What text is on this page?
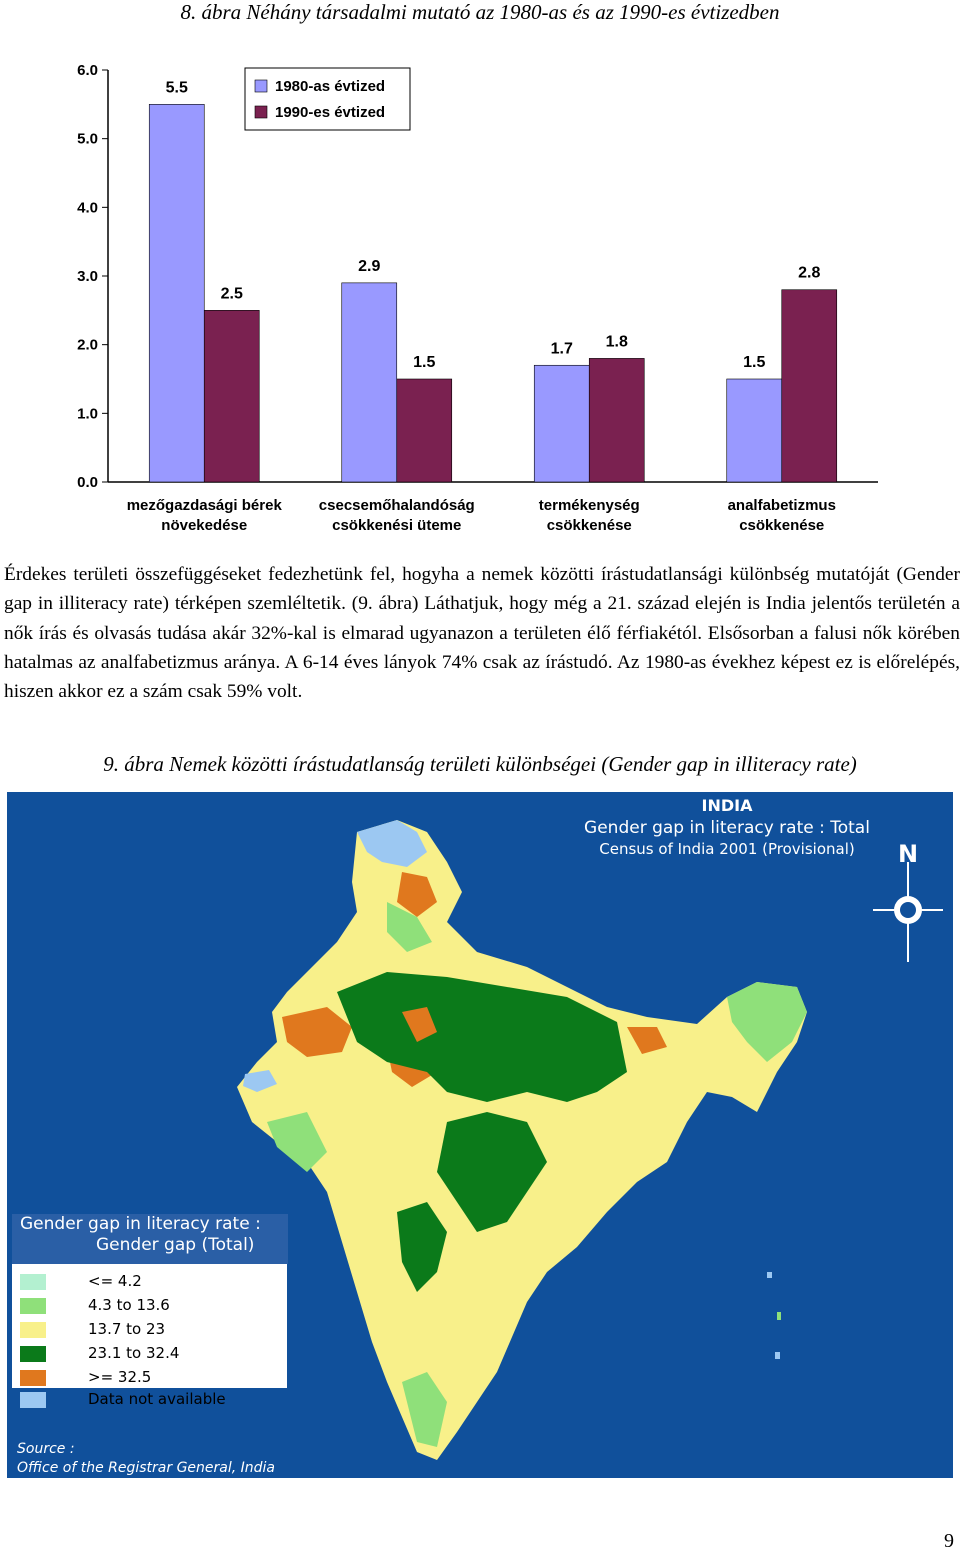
8. ábra Néhány társadalmi mutató az 1980-as és az 1990-es évtizedben
0.0
1.0
2.0
3.0
4.0
5.0
6.0
5.5
2.5
mezőgazdasági bérek
növekedése
2.9
1.5
csecsemőhalandóság
csökkenési üteme
1.7 1.8
termékenység
csökkenése
1.5
2.8
analfabetizmus
csökkenése
1980-as évtized
1990-es évtized
Érdekes területi összefüggéseket fedezhetünk fel, hogyha a nemek közötti írástudatlansági különbség mutatóját (Gender gap in illiteracy rate) térképen szemléltetik. (9. ábra) Láthatjuk, hogy még a 21. század elején is India jelentős területén a nők írás és olvasás tudása akár 32%-kal is elmarad ugyanazon a területen élő férfiakétól. Elsősorban a falusi nők körében hatalmas az analfabetizmus aránya. A 6-14 éves lányok 74% csak az írástudó. Az 1980-as évekhez képest ez is előrelépés, hiszen akkor ez a szám csak 59% volt.
9. ábra Nemek közötti írástudatlanság területi különbségei (Gender gap in illiteracy rate)
N
INDIA
Gender gap in literacy rate : Total
Census of India 2001 (Provisional)
Gender gap in literacy rate :
Gender gap (Total)
<= 4.2
4.3 to 13.6
13.7 to 23
23.1 to 32.4
>= 32.5
Data not available
Source :
Office of the Registrar General, India
9
